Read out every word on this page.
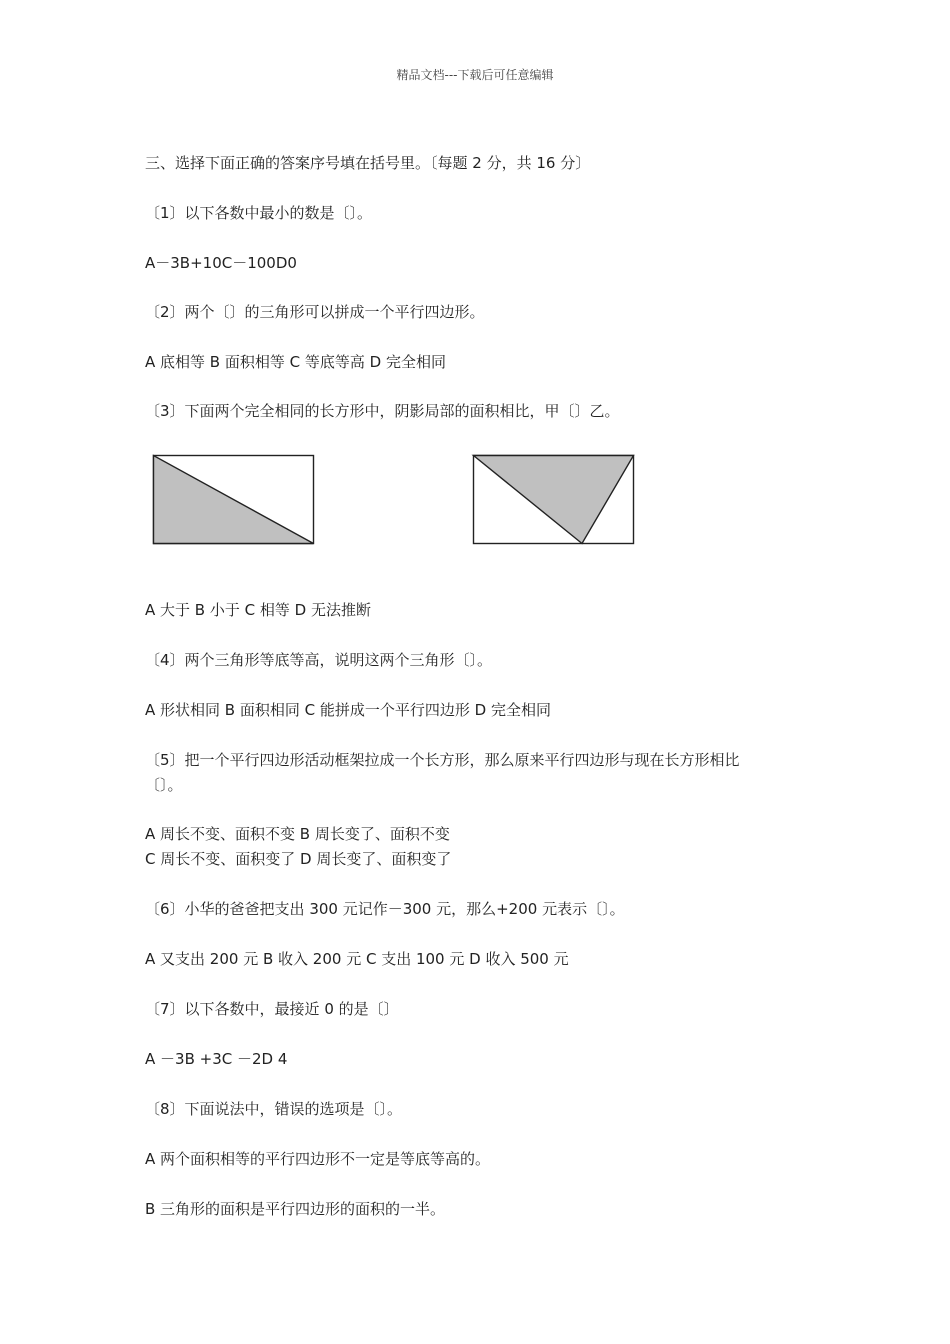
精品文档---下载后可任意编辑
三、选择下面正确的答案序号填在括号里。〔每题 2 分，共 16 分〕
〔1〕以下各数中最小的数是〔〕。
A－3B+10C－100D0
〔2〕两个〔〕的三角形可以拼成一个平行四边形。
A 底相等 B 面积相等 C 等底等高 D 完全相同
〔3〕下面两个完全相同的长方形中，阴影局部的面积相比，甲〔〕乙。
A 大于 B 小于 C 相等 D 无法推断
〔4〕两个三角形等底等高，说明这两个三角形〔〕。
A 形状相同 B 面积相同 C 能拼成一个平行四边形 D 完全相同
〔5〕把一个平行四边形活动框架拉成一个长方形，那么原来平行四边形与现在长方形相比
〔〕。
A 周长不变、面积不变 B 周长变了、面积不变
C 周长不变、面积变了 D 周长变了、面积变了
〔6〕小华的爸爸把支出 300 元记作－300 元，那么+200 元表示〔〕。
A 又支出 200 元 B 收入 200 元 C 支出 100 元 D 收入 500 元
〔7〕以下各数中，最接近 0 的是〔〕
A －3B +3C －2D 4
〔8〕下面说法中，错误的选项是〔〕。
A 两个面积相等的平行四边形不一定是等底等高的。
B 三角形的面积是平行四边形的面积的一半。
